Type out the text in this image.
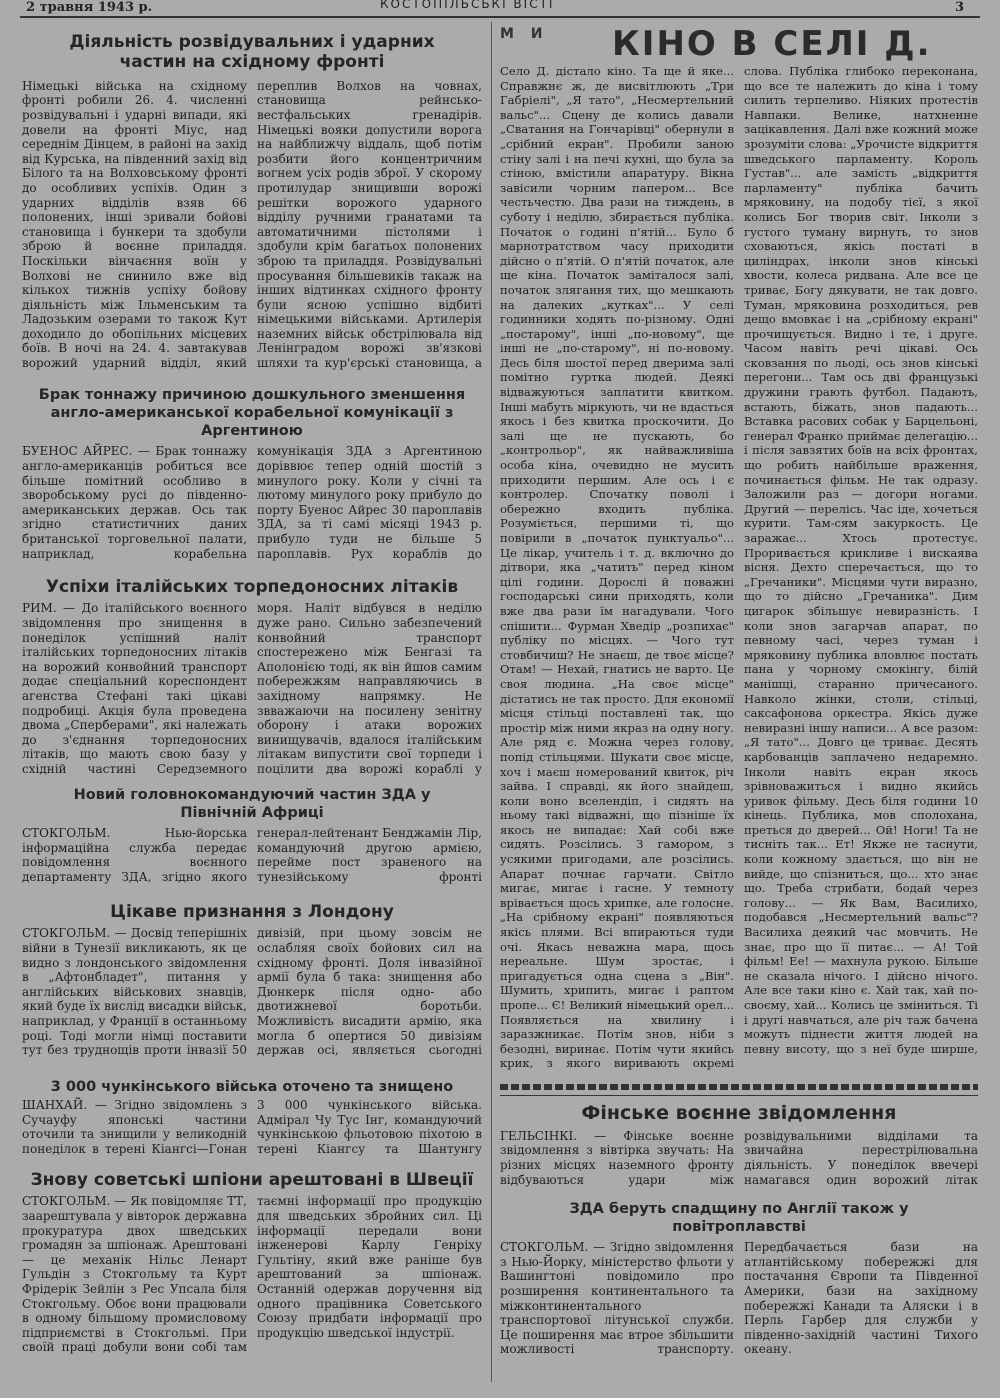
2 травня 1943 р.	КОСТОПІЛЬСЬКІ ВІСТІ	3
Діяльність розвідувальних і ударних частин на східному фронті
Німецькі війська на східному фронті робили 26. 4. численні розвідувальні і ударні випади, які довели на фронті Міус, над середнім Дінцем, в районі на захід від Курська, на південний захід від Білого та на Волховському фронті до особливих успіхів. Один з ударних відділів взяв 66 полонених, інші зривали бойові становища і бункери та здобули зброю й воєнне приладдя. Поскільки вінчаєння воїн у Волхові не снинило вже від кількох тижнів успіху бойову діяльність між Ільменським та Ладозьким озерами то також Кут доходило до обопільних місцевих боїв. В ночі на 24. 4. завтакував ворожий ударний відділ, який переплив Волхов на човнах, становища рейнсько-вестфальських гренадірів. Німецькі вояки допустили ворога на найближчу віддаль, щоб потім розбити його концентричним вогнем усіх родів зброї. У скорому протилудар знищивши ворожі решітки ворожого ударного відділу ручними гранатами та автоматичними пістолями і здобули крім багатьох полонених зброю та приладдя. Розвідувальні просування більшевиків такаж на інших відтинках східного фронту були ясною успішно відбиті німецькими військами. Артилерія наземних військ обстрілювала від Ленінградом ворожі зв'язкові шляхи та кур'єрські становища, а
Брак тоннажу причиною дошкульного зменшення англо-американської корабельної комунікації з Аргентиною
БУЕНОС АЙРЕС. — Брак тоннажу англо-американців робиться все більше помітний особливо в зворобському русі до південно-американських держав. Ось так згідно статистичних даних британської торговельної палати, наприклад, корабельна комунікація ЗДА з Аргентиною доріввює тепер одній шостій з минулого року. Коли у січні та лютому минулого року прибуло до порту Буенос Айрес 30 пароплавів ЗДА, за ті самі місяці 1943 р. прибуло туди не більше 5 пароплавів. Рух кораблів до
Успіхи італійських торпедоносних літаків
РИМ. — До італійського воєнного звідомлення про знищення в понеділок успішний налiт італійських торпедоносних літаків на ворожий конвойний транспорт додає спеціальний кореспондент агенства Стефані такі цікаві подробиці. Акція була проведена двома „Сперберами", які належать до з'єднання торпедоносних літаків, що мають свою базу у східній частині Середземного моря. Налiт відбувся в неділю дуже рано. Сильно забезпечений конвойний транспорт спостережено між Бенгазі та Аполонією тоді, як він йшов самим побережжям направляючись в західному напрямку. Не звважаючи на посилену зенітну оборону і атаки ворожих винищувачів, вдалося італійським літакам випустити свої торпеди і поцілити два ворожі кораблі у
Новий головнокомандуючий частин ЗДА у Північній Африці
СТОКГОЛЬМ. Нью-йорська інформаційна служба передає повідомлення воєнного департаменту ЗДА, згідно якого генерал-лейтенант Бенджамін Лір, командуючий другою армією, перейме пост зраненого на тунезійському фронті
Цікаве признання з Лондону
СТОКГОЛЬМ. — Досвід теперішніх війни в Тунезії викликають, як це видно з лондонського звідомлення в „Афтонбладет", питання у англійських військових знавців, який буде їх вислід висадки військ, наприклад, у Франції в останньому році. Тоді могли німці поставити тут без труднощів проти інвазії 50 дивізій, при цьому зовсім не ослабляя своїх бойових сил на східному фронті. Доля інвазійної армії була б така: знищення або Дюнкерк після одно- або двотижневої боротьби. Можливість висадити армію, яка могла б опертися 50 дивізіям держав осі, являється сьогодні
3 000 чункінського війська оточено та знищено
ШАНХАЙ. — Згідно звідомлень з Сучауфу японські частини оточили та знищили у великодній понеділок в терені Кіангсі—Гонан 3 000 чункінського війська. Адмірал Чу Тус Інг, командуючий чункінською фльотовою піхотою в терені Кіангсу та Шантунгу
Знову советські шпіони арештовані в Швеції
СТОКГОЛЬМ. — Як повідомляє ТТ, заарештувала у вівторок державна прокуратура двох шведських громадян за шпіонаж. Арештовані — це механік Нільс Ленарт Гульдін з Стокгольму та Курт Фрідерік Зейлін з Рес Упсала біля Стокгольму. Обоє вони працювали в одному більшому промисловому підприємстві в Стокгольмі. При своїй праці добули вони собі там таємні інформації про продукцію для шведських збройних сил. Ці інформації передали вони інженерові Карлу Генріху Гультіну, який вже раніше був арештований за шпіонаж. Останній одержав доручення від одного працівника Советського Союзу придбати інформації про продукцію шведської індустрії.
М И КІНО В СЕЛІ Д.
Село Д. дістало кіно. Та ще й яке... Справжнє ж, де висвітлюють „Три Габріелі", „Я тато", „Несмертельний вальс"... Сцену де колись давали „Сватання на Гончарівці" обернули в „срібний екран". Пробили заною стіну залі і на печі кухні, що була за стіною, вмістили апаратуру. Вікна завісили чорним папером... Все честьчестю. Два рази на тиждень, в суботу і неділю, збирається публіка. Початок о годині п'ятій... Було б марнотратством часу приходити дійсно о п'ятій. О п'ятій початок, але ще кіна. Початок заміталося залі, початок злягання тих, що мешкають на далеких „кутках"... У селі годинники ходять по-різному. Одні „постарому", інші „по-новому", ще інші не „по-старому", ні по-новому. Десь біля шостої перед дверима залі помітно гуртка людей. Деякі відважуються заплатити квитком. Інші мабуть міркують, чи не вдасться якось і без квитка проскочити. До залі ще не пускають, бо „контрольор", як найважливіша особа кіна, очевидно не мусить приходити першим. Але ось і є контролер. Спочатку поволі і обережно входить публіка. Розуміється, першими ті, що повірили в „початок пунктуальо"... Це лікар, учитель і т. д. включно до дітвори, яка „чатить" перед кіном цілі години. Дорослі й поважні господарські сини приходять, коли вже два рази їм нагадували. Чого спішити... Фурман Хведір „розпихає" публіку по місцях. — Чого тут стовбичиш? Не знаєш, де твоє місце? Отам! — Нехай, гнатись не варто. Це своя людина. „На своє місце" дістатись не так просто. Для економії місця стільці поставлені так, що простір між ними якраз на одну ногу. Але ряд є. Можна через голову, попід стільцями. Шукати своє місце, хоч і маєш номерований квиток, річ зайва. І справді, як його знайдеш, коли воно вселендіп, і сидять на ньому такі відважні, що пізніше їх якось не випадає: Хай собі вже сидять. Розсілись. З гамором, з усякими пригодами, але розсілись. Апарат почнає гарчати. Світло мигає, мигає і гасне. У темноту врівається щось хрипке, але голосне. „На срібному екрані" появляються якісь плями. Всі впираються туди очі. Якась неважна мара, щось нереальне. Шум зростає, і пригадується одна сцена з „Він". Шумить, хрипить, мигає і раптом пропе... Є! Великий німецький орел... Появляється на хвилину і заразжникає. Потім знов, ніби з безодні, виринає. Потім чути якийсь крик, з якого виривають окремі слова. Публіка глибоко переконана, що все те належить до кіна і тому силить терпеливо. Ніяких протестів Навпаки. Велике, натхненне зацікавлення. Далі вже кожний може зрозуміти слова: „Урочисте відкриття шведського парламенту. Король Густав"... але замість „відкриття парламенту" публіка бачить мряковину, на подобу тієї, з якої колись Бог творив світ. Інколи з густого туману вирнуть, то знов сховаються, якісь постаті в циліндрах, інколи знов кінські хвости, колеса ридвана. Але все це триває, Богу дякувати, не так довго. Туман, мряковина розходиться, рев дещо вмовкає і на „срібному екрані" прочищується. Видно і те, і друге. Часом навіть речі цікаві. Ось сковзання по льоді, ось знов кінські перегони... Там ось дві французькі дружини грають футбол. Падають, встають, біжать, знов падають... Вставка расових собак у Барцельоні, генерал Франко приймає делегацію... і після завзятих боїв на всіх фронтах, що робить найбільше враження, починається фільм. Не так одразу. Заложили раз — догори ногами. Другий — перелісь. Час іде, хочеться курити. Там-сям закуркость. Це заражає... Хтось протестує. Проривається крикливе і вискаява вісня. Дехто сперечається, що то „Гречаники". Місцями чути виразно, що то дійсно „Гречаника". Дим цигарок збільшує невиразність. І коли знов загарчав апарат, по певному часі, через туман і мряковину публика вловлює постать пана у чорному смокінгу, білій манішці, старанно причесаного. Навколо жінки, столи, стільці, саксафонова оркестра. Якісь дуже невиразні іншу написи... А все разом: „Я тато"... Довго це триває. Десять карбованців заплачено недаремно. Інколи навіть екран якось зрівноважиться і видно якийсь уривок фільму. Десь біля години 10 кінець. Публика, мов сполохана, преться до дверей... Ой! Ноги! Та не тисніть так... Ет! Якже не таснути, коли кожному здається, що він не вийде, що спізниться, що... хто знає що. Треба стрибати, бодай через голову... — Як Вам, Василихо, подобався „Несмертельний вальс"? Василиха деякий час мовчить. Не знає, про що її питає... — А! Той фільм! Ее! — махнула рукою. Більше не сказала нічого. І дійсно нічого. Але все таки кіно є. Хай так, хай по-своєму, хай... Колись це зміниться. Ті і другі навчаться, але річ таж бачена можуть піднести життя людей на певну висоту, що з неї буде ширше,
Фінське воєнне звідомлення
ГЕЛЬСІНКІ. — Фінське воєнне звідомлення з вівтірка звучать: На різних місцях наземного фронту відбуваються удари між розвідувальними відділами та звичайна перестрілювальна діяльність. У понеділок ввечері намагався один ворожий літак
ЗДА беруть спадщину по Англії також у повітроплавстві
СТОКГОЛЬМ. — Згідно звідомлення з Нью-Йорку, міністерство фльоти у Вашингтоні повідомило про розширення континентального та міжконтинентального транспортової літунської служби. Це поширення має втрое збільшити можливості транспорту. Передбачається бази на атлантійському побережжі для постачання Європи та Південної Америки, бази на західному побережжі Канади та Аляски і в Перль Гарбер для служби у південно-західній частині Тихого океану.
